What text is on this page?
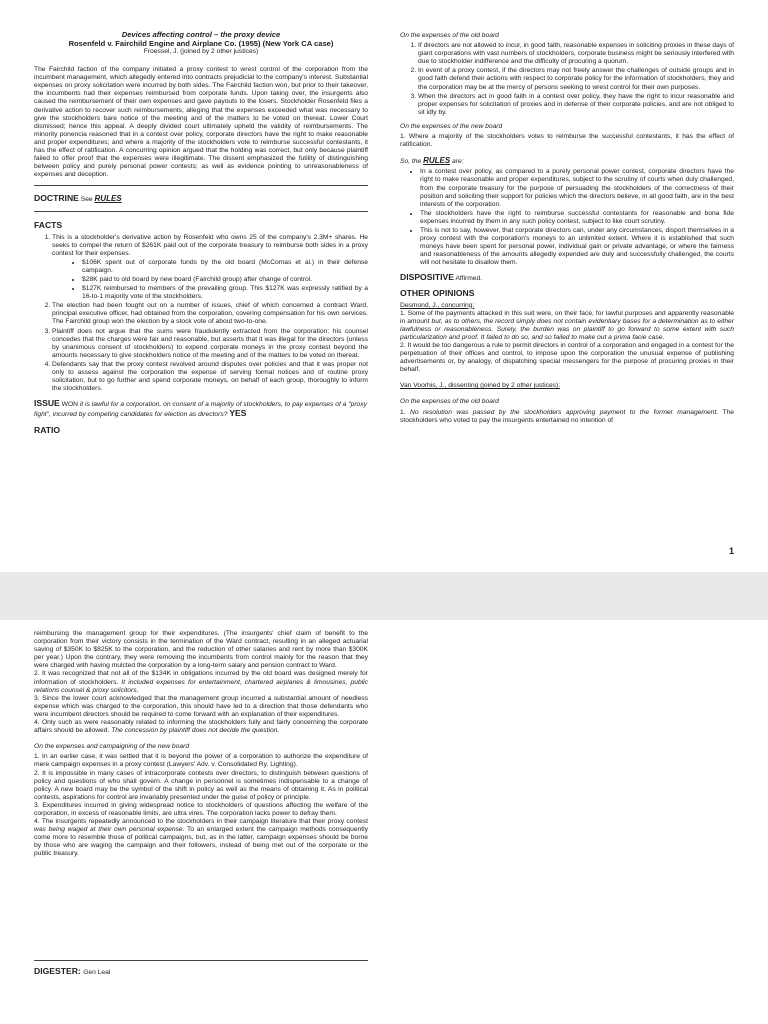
Devices affecting control – the proxy device
Rosenfeld v. Fairchild Engine and Airplane Co. (1955) (New York CA case)
Froessel, J. (joined by 2 other justices)

The Fairchild faction of the company initiated a proxy contest to wrest control of the corporation from the incumbent management, which allegedly entered into contracts prejudicial to the company's interest. Substantial expenses on proxy solicitation were incurred by both sides. The Fairchild faction won, but prior to their takeover, the incumbents had their expenses reimbursed from corporate funds. Upon taking over, the insurgents also caused the reimbursement of their own expenses and gave payouts to the losers. Stockholder Rosenfeld files a derivative action to recover such reimbursements, alleging that the expenses exceeded what was necessary to give the stockholders bare notice of the meeting and of the matters to be voted on thereat. Lower Court dismissed; hence this appeal. A deeply divided court ultimately upheld the validity of reimbursements. The minority ponencia reasoned that in a contest over policy, corporate directors have the right to make reasonable and proper expenditures; and where a majority of the stockholders vote to reimburse successful contestants, it has the effect of ratification. A concurring opinion argued that the holding was correct, but only because plaintiff failed to offer proof that the expenses were illegitimate. The dissent emphasized the futility of distinguishing between policy and purely personal power contests; as well as evidence pointing to unreasonableness of expenses and deception.

DOCTRINE See RULES
FACTS
1. This is a stockholder's derivative action by Rosenfeld who owns 25 of the company's 2.3M+ shares. He seeks to compel the return of $261K paid out of the corporate treasury to reimburse both sides in a proxy contest for their expenses.
• $106K spent out of corporate funds by the old board (McComas et al.) in their defense campaign.
• $28K paid to old board by new board (Fairchild group) after change of control.
• $127K reimbursed to members of the prevailing group. This $127K was expressly ratified by a 16-to-1 majority vote of the stockholders.
2. The election had been fought out on a number of issues, chief of which concerned a contract Ward, principal executive officer, had obtained from the corporation, covering compensation for his own services. The Fairchild group won the election by a stock vote of about two-to-one.
3. Plaintiff does not argue that the sums were fraudulently extracted from the corporation; his counsel concedes that the charges were fair and reasonable, but asserts that it was illegal for the directors (unless by unanimous consent of stockholders) to expend corporate moneys in the proxy contest beyond the amounts necessary to give stockholders notice of the meeting and of the matters to be voted on thereat.
4. Defendants say that the proxy contest revolved around disputes over policies and that it was proper not only to assess against the corporation the expense of serving formal notices and of routine proxy solicitation, but to go further and spend corporate moneys, on behalf of each group, thoroughly to inform the stockholders.
ISSUE WON it is lawful for a corporation, on consent of a majority of stockholders, to pay expenses of a "proxy fight", incurred by competing candidates for election as directors? YES
RATIO
On the expenses of the old board
1. If directors are not allowed to incur, in good faith, reasonable expenses in soliciting proxies in these days of giant corporations with vast numbers of stockholders, corporate business might be seriously interfered with due to stockholder indifference and the difficulty of procuring a quorum.
2. In event of a proxy contest, if the directors may not freely answer the challenges of outside groups and in good faith defend their actions with respect to corporate policy for the information of stockholders, they and the corporation may be at the mercy of persons seeking to wrest control for their own purposes.
3. When the directors act in good faith in a contest over policy, they have the right to incur reasonable and proper expenses for solicitation of proxies and in defense of their corporate policies, and are not obliged to sit idly by.
On the expenses of the new board

1. Where a majority of the stockholders votes to reimburse the successful contestants, it has the effect of ratification.

So, the RULES are:
• In a contest over policy, as compared to a purely personal power contest, corporate directors have the right to make reasonable and proper expenditures, subject to the scrutiny of courts when duly challenged, from the corporate treasury for the purpose of persuading the stockholders of the correctness of their position and soliciting their support for policies which the directors believe, in all good faith, are in the best interests of the corporation.
• The stockholders have the right to reimburse successful contestants for reasonable and bona fide expenses incurred by them in any such policy contest, subject to like court scrutiny.
• This is not to say, however, that corporate directors can, under any circumstances, disport themselves in a proxy contest with the corporation's moneys to an unlimited extent. Where it is established that such moneys have been spent for personal power, individual gain or private advantage, or where the fairness and reasonableness of the amounts allegedly expended are duly and successfully challenged, the courts will not hesitate to disallow them.
DISPOSITIVE Affirmed.
OTHER OPINIONS
Desmond, J., concurring:

1. Some of the payments attacked in this suit were, on their face, for lawful purposes and apparently reasonable in amount but, as to others, the record simply does not contain evidentiary bases for a determination as to either lawfulness or reasonableness. Surely, the burden was on plaintiff to go forward to some extent with such particularization and proof. It failed to do so, and so failed to make out a prima facie case.

2. It would be too dangerous a rule to permit directors in control of a corporation and engaged in a contest for the perpetuation of their offices and control, to impose upon the corporation the unusual expense of publishing advertisements or, by analogy, of dispatching special messengers for the purpose of procuring proxies in their behalf.

Van Voorhis, J., dissenting (joined by 2 other justices):
On the expenses of the old board

1. No resolution was passed by the stockholders approving payment to the former management. The stockholders who voted to pay the insurgents entertained no intention of

1

reimbursing the management group for their expenditures. (The insurgents' chief claim of benefit to the corporation from their victory consists in the termination of the Ward contract, resulting in an alleged actuarial saving of $350K to $825K to the corporation, and the reduction of other salaries and rent by more than $300K per year.) Upon the contrary, they were removing the incumbents from control mainly for the reason that they were charged with having mulcted the corporation by a long-term salary and pension contract to Ward.

2. It was recognized that not all of the $134K in obligations incurred by the old board was designed merely for information of stockholders. It included expenses for entertainment, chartered airplanes & limousines, public relations counsel & proxy solicitors.

3. Since the lower court acknowledged that the management group incurred a substantial amount of needless expense which was charged to the corporation, this should have led to a direction that those defendants who were incumbent directors should be required to come forward with an explanation of their expenditures.

4. Only such as were reasonably related to informing the stockholders fully and fairly concerning the corporate affairs should be allowed. The concession by plaintiff does not decide the question.

On the expenses and campaigning of the new board

1. In an earlier case, it was settled that it is beyond the power of a corporation to authorize the expenditure of mere campaign expenses in a proxy contest (Lawyers' Adv. v. Consolidated Ry. Lighting).

2. It is impossible in many cases of intracorporate contests over directors, to distinguish between questions of policy and questions of who shall govern. A change in personnel is sometimes indispensable to a change of policy. A new board may be the symbol of the shift in policy as well as the means of obtaining it. As in political contests, aspirations for control are invariably presented under the guise of policy or principle.

3. Expenditures incurred in giving widespread notice to stockholders of questions affecting the welfare of the corporation, in excess of reasonable limits, are ultra vires. The corporation lacks power to defray them.

4. The insurgents repeatedly announced to the stockholders in their campaign literature that their proxy contest was being waged at their own personal expense. To an enlarged extent the campaign methods consequently come more to resemble those of political campaigns, but, as in the latter, campaign expenses should be borne by those who are waging the campaign and their followers, instead of being met out of the corporate or the public treasury.

DIGESTER: Gen Leal
